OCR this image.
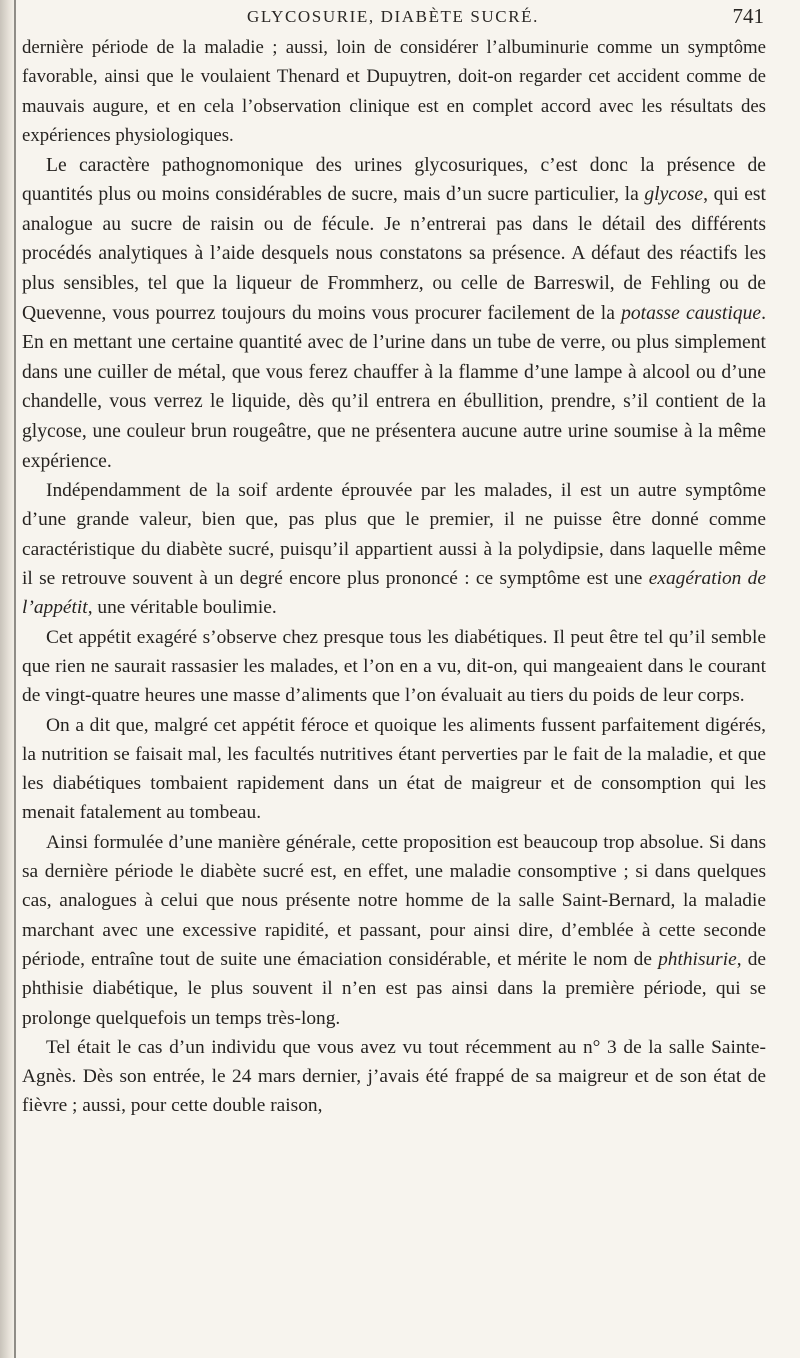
GLYCOSURIE, DIABÈTE SUCRÉ.	741

dernière période de la maladie ; aussi, loin de considérer l’albuminurie comme un symptôme favorable, ainsi que le voulaient Thenard et Dupuytren, doit-on regarder cet accident comme de mauvais augure, et en cela l’observation clinique est en complet accord avec les résultats des expériences physiologiques.

Le caractère pathognomonique des urines glycosuriques, c’est donc la présence de quantités plus ou moins considérables de sucre, mais d’un sucre particulier, la glycose, qui est analogue au sucre de raisin ou de fécule. Je n’entrerai pas dans le détail des différents procédés analytiques à l’aide desquels nous constatons sa présence. A défaut des réactifs les plus sensibles, tel que la liqueur de Frommherz, ou celle de Barreswil, de Fehling ou de Quevenne, vous pourrez toujours du moins vous procurer facilement de la potasse caustique. En en mettant une certaine quantité avec de l’urine dans un tube de verre, ou plus simplement dans une cuiller de métal, que vous ferez chauffer à la flamme d’une lampe à alcool ou d’une chandelle, vous verrez le liquide, dès qu’il entrera en ébullition, prendre, s’il contient de la glycose, une couleur brun rougeâtre, que ne présentera aucune autre urine soumise à la même expérience.

Indépendamment de la soif ardente éprouvée par les malades, il est un autre symptôme d’une grande valeur, bien que, pas plus que le premier, il ne puisse être donné comme caractéristique du diabète sucré, puisqu’il appartient aussi à la polydipsie, dans laquelle même il se retrouve souvent à un degré encore plus prononcé : ce symptôme est une exagération de l’appétit, une véritable boulimie.

Cet appétit exagéré s’observe chez presque tous les diabétiques. Il peut être tel qu’il semble que rien ne saurait rassasier les malades, et l’on en a vu, dit-on, qui mangeaient dans le courant de vingt-quatre heures une masse d’aliments que l’on évaluait au tiers du poids de leur corps.

On a dit que, malgré cet appétit féroce et quoique les aliments fussent parfaitement digérés, la nutrition se faisait mal, les facultés nutritives étant perverties par le fait de la maladie, et que les diabétiques tombaient rapidement dans un état de maigreur et de consomption qui les menait fatalement au tombeau.

Ainsi formulée d’une manière générale, cette proposition est beaucoup trop absolue. Si dans sa dernière période le diabète sucré est, en effet, une maladie consomptive ; si dans quelques cas, analogues à celui que nous présente notre homme de la salle Saint-Bernard, la maladie marchant avec une excessive rapidité, et passant, pour ainsi dire, d’emblée à cette seconde période, entraîne tout de suite une émaciation considérable, et mérite le nom de phthisurie, de phthisie diabétique, le plus souvent il n’en est pas ainsi dans la première période, qui se prolonge quelquefois un temps très-long.

Tel était le cas d’un individu que vous avez vu tout récemment au n° 3 de la salle Sainte-Agnès. Dès son entrée, le 24 mars dernier, j’avais été frappé de sa maigreur et de son état de fièvre ; aussi, pour cette double raison,
